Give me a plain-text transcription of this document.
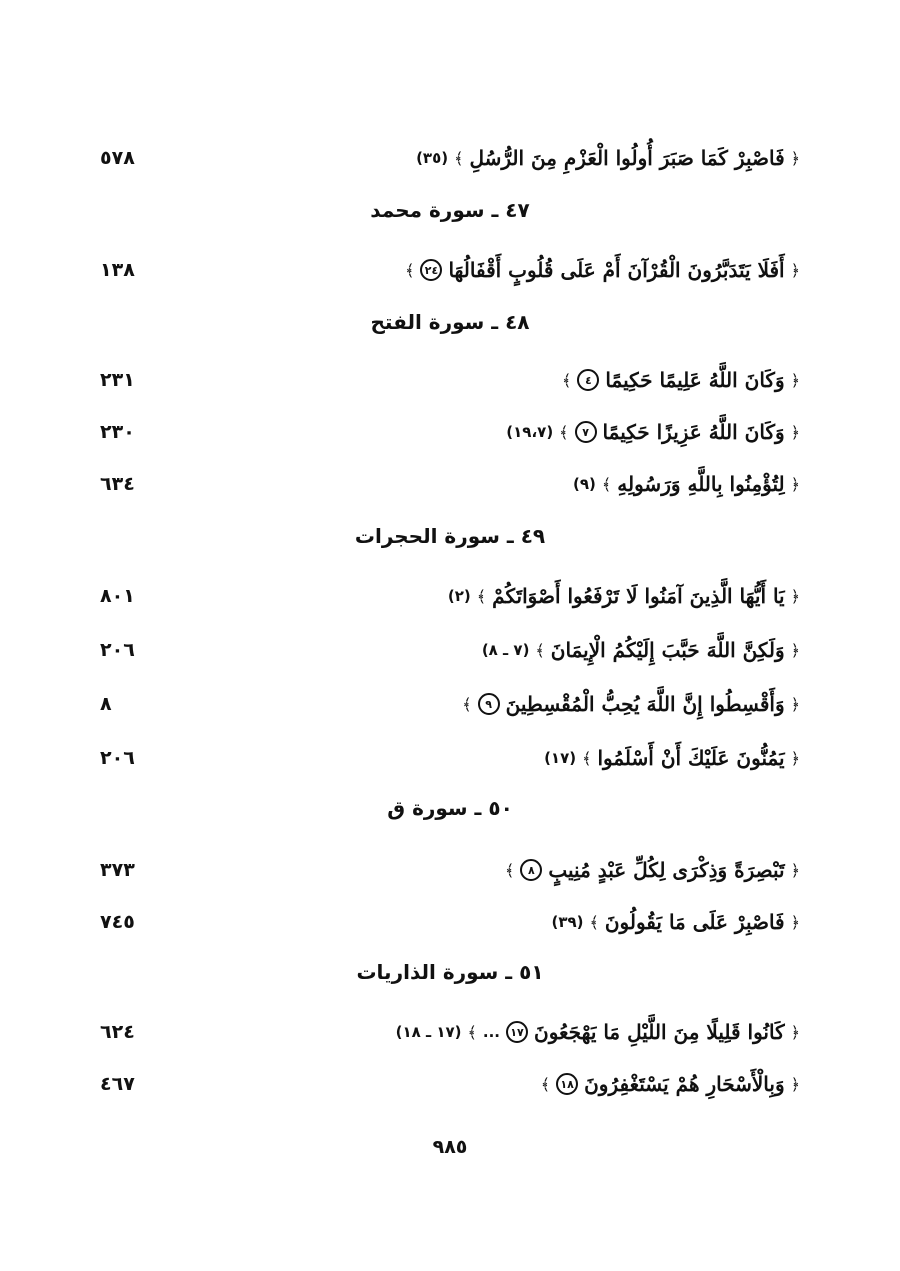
﴿
فَاصْبِرْ كَمَا صَبَرَ أُولُوا الْعَزْمِ مِنَ الرُّسُلِ
﴾
(٣٥)
٥٧٨
٤٧ ـ سورة محمد
﴿
أَفَلَا يَتَدَبَّرُونَ الْقُرْآنَ أَمْ عَلَى قُلُوبٍ أَقْفَالُهَا
٢٤
﴾
١٣٨
٤٨ ـ سورة الفتح
﴿
وَكَانَ اللَّهُ عَلِيمًا حَكِيمًا
٤
﴾
٢٣١
﴿
وَكَانَ اللَّهُ عَزِيزًا حَكِيمًا
٧
﴾
(١٩،٧)
٢٣٠
﴿
لِتُؤْمِنُوا بِاللَّهِ وَرَسُولِهِ
﴾
(٩)
٦٣٤
٤٩ ـ سورة الحجرات
﴿
يَا أَيُّهَا الَّذِينَ آمَنُوا لَا تَرْفَعُوا أَصْوَاتَكُمْ
﴾
(٢)
٨٠١
﴿
وَلَكِنَّ اللَّهَ حَبَّبَ إِلَيْكُمُ الْإِيمَانَ
﴾
(٧ ـ ٨)
٢٠٦
﴿
وَأَقْسِطُوا إِنَّ اللَّهَ يُحِبُّ الْمُقْسِطِينَ
٩
﴾
٨
﴿
يَمُنُّونَ عَلَيْكَ أَنْ أَسْلَمُوا
﴾
(١٧)
٢٠٦
٥٠ ـ سورة ق
﴿
تَبْصِرَةً وَذِكْرَى لِكُلِّ عَبْدٍ مُنِيبٍ
٨
﴾
٣٧٣
﴿
فَاصْبِرْ عَلَى مَا يَقُولُونَ
﴾
(٣٩)
٧٤٥
٥١ ـ سورة الذاريات
﴿
كَانُوا قَلِيلًا مِنَ اللَّيْلِ مَا يَهْجَعُونَ
١٧
...
﴾
(١٧ ـ ١٨)
٦٢٤
﴿
وَبِالْأَسْحَارِ هُمْ يَسْتَغْفِرُونَ
١٨
﴾
٤٦٧
٩٨٥
